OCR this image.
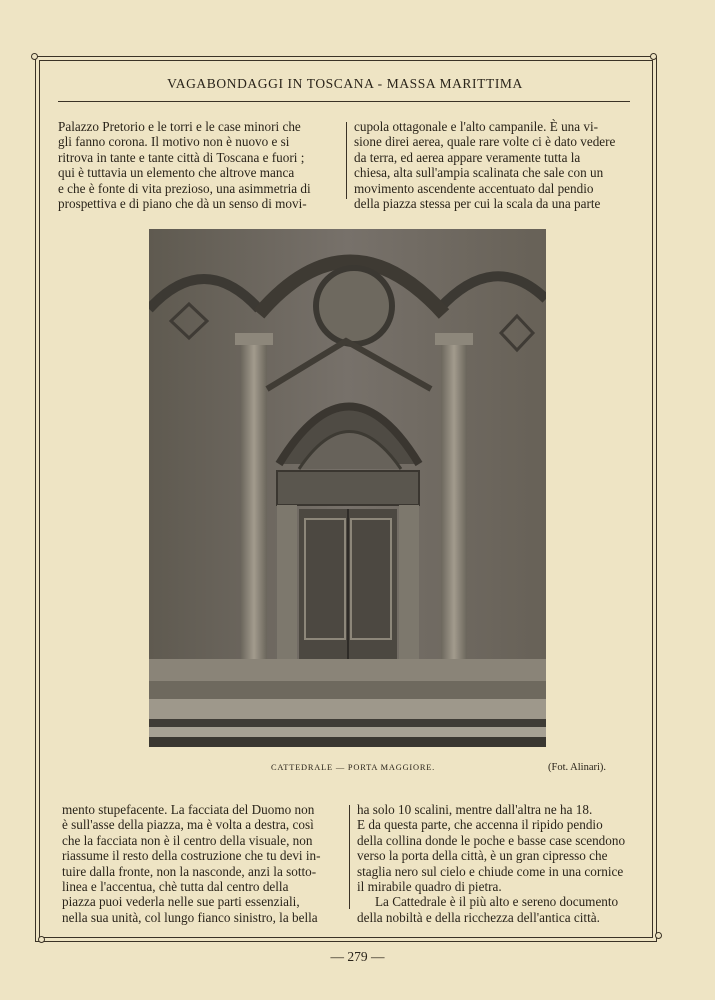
VAGABONDAGGI IN TOSCANA - MASSA MARITTIMA

Palazzo Pretorio e le torri e le case minori che

gli fanno corona. Il motivo non è nuovo e si

ritrova in tante e tante città di Toscana e fuori ;

qui è tuttavia un elemento che altrove manca

e che è fonte di vita prezioso, una asimmetria di

prospettiva e di piano che dà un senso di movi-

cupola ottagonale e l'alto campanile. È una vi-

sione direi aerea, quale rare volte ci è dato vedere

da terra, ed aerea appare veramente tutta la

chiesa, alta sull'ampia scalinata che sale con un

movimento ascendente accentuato dal pendio

della piazza stessa per cui la scala da una parte

CATTEDRALE — PORTA MAGGIORE.	(Fot. Alinari).

mento stupefacente. La facciata del Duomo non

è sull'asse della piazza, ma è volta a destra, così

che la facciata non è il centro della visuale, non

riassume il resto della costruzione che tu devi in-

tuire dalla fronte, non la nasconde, anzi la sotto-

linea e l'accentua, chè tutta dal centro della

piazza puoi vederla nelle sue parti essenziali,

nella sua unità, col lungo fianco sinistro, la bella

ha solo 10 scalini, mentre dall'altra ne ha 18.

E da questa parte, che accenna il ripido pendio

della collina donde le poche e basse case scendono

verso la porta della città, è un gran cipresso che

staglia nero sul cielo e chiude come in una cornice

il mirabile quadro di pietra.

La Cattedrale è il più alto e sereno documento

della nobiltà e della ricchezza dell'antica città.

— 279 —
